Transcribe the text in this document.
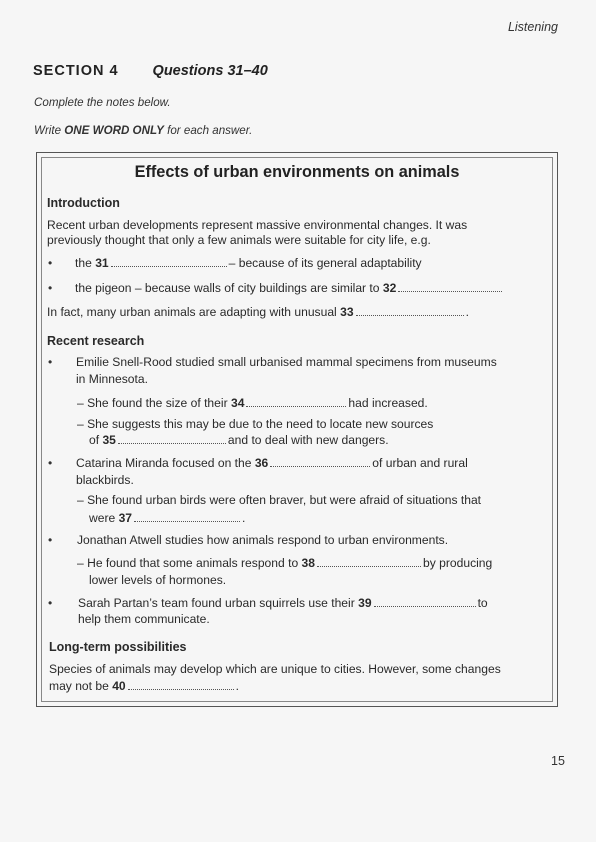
Listening
SECTION 4 Questions 31–40
Complete the notes below.
Write ONE WORD ONLY for each answer.
Effects of urban environments on animals
Introduction
Recent urban developments represent massive environmental changes. It was
previously thought that only a few animals were suitable for city life, e.g.
• the 31	– because of its general adaptability
• the pigeon – because walls of city buildings are similar to 32
In fact, many urban animals are adapting with unusual 33	.
Recent research
• Emilie Snell-Rood studied small urbanised mammal specimens from museums
in Minnesota.
– She found the size of their 34	had increased.
– She suggests this may be due to the need to locate new sources
of 35	and to deal with new dangers.
• Catarina Miranda focused on the 36	of urban and rural
blackbirds.
– She found urban birds were often braver, but were afraid of situations that
were 37	.
• Jonathan Atwell studies how animals respond to urban environments.
– He found that some animals respond to 38	by producing
lower levels of hormones.
• Sarah Partan’s team found urban squirrels use their 39	to
help them communicate.
Long-term possibilities
Species of animals may develop which are unique to cities. However, some changes
may not be 40	.
15
